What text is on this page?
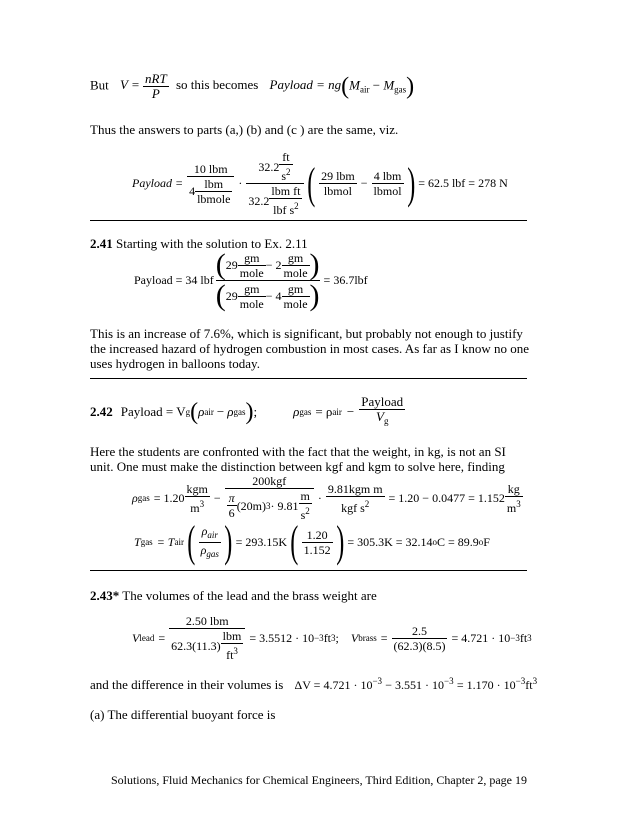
But $V = \frac{\text{nRT}}{P}$ so this becomes Payload = $ng(M_{air} - M_{gas})$
Thus the answers to parts (a,) (b) and (c ) are the same, viz.
Payload = $\frac{\text{10 lbm}}{4 \frac{\text{lbm}}{\text{lbmole}}} \cdot \frac{32.2 \frac{ft}{s^2}}{32.2 \frac{\text{lbm ft}}{lbf s^2}}$ ( $\frac{\text{29 lbm}}{\text{lbmol}} - \frac{\text{4 lbm}}{\text{lbmol}}$ ) = 62.5 lbf = 278 N
2.41 Starting with the solution to Ex. 2.11
Payload = 34 lbf $\frac{( 29 \frac{gm}{\text{mole}} - 2 \frac{gm}{\text{mole}} )}{( 29 \frac{gm}{\text{mole}} - 4 \frac{gm}{\text{mole}} )} = 36.7lbf$
This is an increase of 7.6%, which is significant, but probably not enough to justify the increased hazard of hydrogen combustion in most cases. As far as I know no one uses hydrogen in balloons today.
2.42 Payload = V g ( ρ air − ρ gas ) ;	ρ gas = ρ air − $\frac{\text{Payload}}{V_g}$
Here the students are confronted with the fact that the weight, in kg, is not an SI unit. One must make the distinction between kgf and kgm to solve here, finding
ρ gas = $1.20 \frac{\text{kgm}}{m^3} - \frac{\text{200kgf}}{\frac{\pi}{6} (20m) 3 \cdot 9.81 \frac{m}{s^2}} \cdot \frac{\text{9.81kgm m}}{kgf s^2} = 1.20 - 0.0477 = 1.152 \frac{kg}{m^3}$
T gas = T air ( $\frac{\rho_{air}}{\rho_{gas}}$ ) = 293.15K ( $\frac{1.20}{1.152}$ ) = 305.3K = 32.14 o C = 89.9 o F
2.43* The volumes of the lead and the brass weight are
V lead = $\frac{\text{2.50 lbm}}{62.3(11.3) \frac{\text{lbm}}{ft^3}} = 3.5512 \cdot 10 -3$ ft 3 ; V brass = $\frac{2.5}{(62.3)(8.5)} = 4.721 \cdot 10 -3$ ft 3
and the difference in their volumes is $\Delta V = 4.721 \cdot 10^{-3} - 3.551 \cdot 10^{-3} = 1.170 \cdot 10^{-3}ft^3$
(a) The differential buoyant force is
Solutions, Fluid Mechanics for Chemical Engineers, Third Edition, Chapter 2, page 19
